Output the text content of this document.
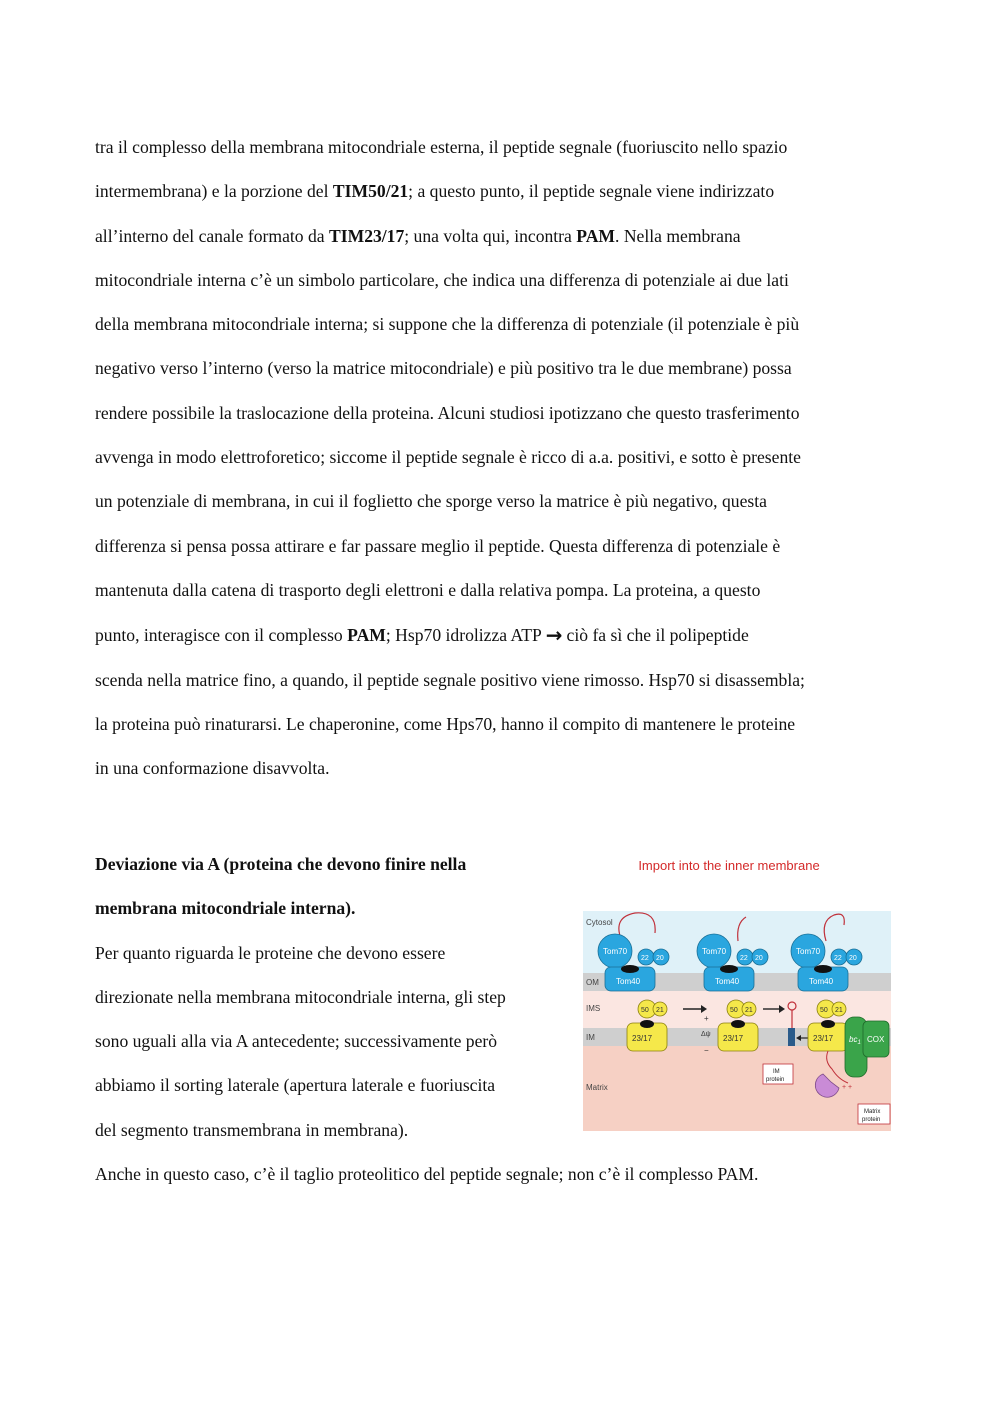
tra il complesso della membrana mitocondriale esterna, il peptide segnale (fuoriuscito nello spazio
intermembrana) e la porzione del TIM50/21; a questo punto, il peptide segnale viene indirizzato
all’interno del canale formato da TIM23/17; una volta qui, incontra PAM. Nella membrana
mitocondriale interna c’è un simbolo particolare, che indica una differenza di potenziale ai due lati
della membrana mitocondriale interna; si suppone che la differenza di potenziale (il potenziale è più
negativo verso l’interno (verso la matrice mitocondriale) e più positivo tra le due membrane) possa
rendere possibile la traslocazione della proteina. Alcuni studiosi ipotizzano che questo trasferimento
avvenga in modo elettroforetico; siccome il peptide segnale è ricco di a.a. positivi, e sotto è presente
un potenziale di membrana, in cui il foglietto che sporge verso la matrice è più negativo, questa
differenza si pensa possa attirare e far passare meglio il peptide. Questa differenza di potenziale è
mantenuta dalla catena di trasporto degli elettroni e dalla relativa pompa. La proteina, a questo
punto, interagisce con il complesso PAM; Hsp70 idrolizza ATP → ciò fa sì che il polipeptide
scenda nella matrice fino, a quando, il peptide segnale positivo viene rimosso. Hsp70 si disassembla;
la proteina può rinaturarsi. Le chaperonine, come Hps70, hanno il compito di mantenere le proteine
in una conformazione disavvolta.
Deviazione via A (proteina che devono finire nella
membrana mitocondriale interna).
Per quanto riguarda le proteine che devono essere
direzionate nella membrana mitocondriale interna, gli step
sono uguali alla via A antecedente; successivamente però
abbiamo il sorting laterale (apertura laterale e fuoriuscita
del segmento transmembrana in membrana).
Anche in questo caso, c’è il taglio proteolitico del peptide segnale; non c’è il complesso PAM.
Import into the inner membrane
Cytosol
OM
IMS
IM
Matrix
Tom70
Tom40
22 20
50 21
23/17	Δψ
+
−
Tom70
Tom40
22 20
50 21
23/17
Tom70
Tom40
22 20
50 21
23/17 $bc_1$ COX
IM
protein
+ +
Matrix
protein
